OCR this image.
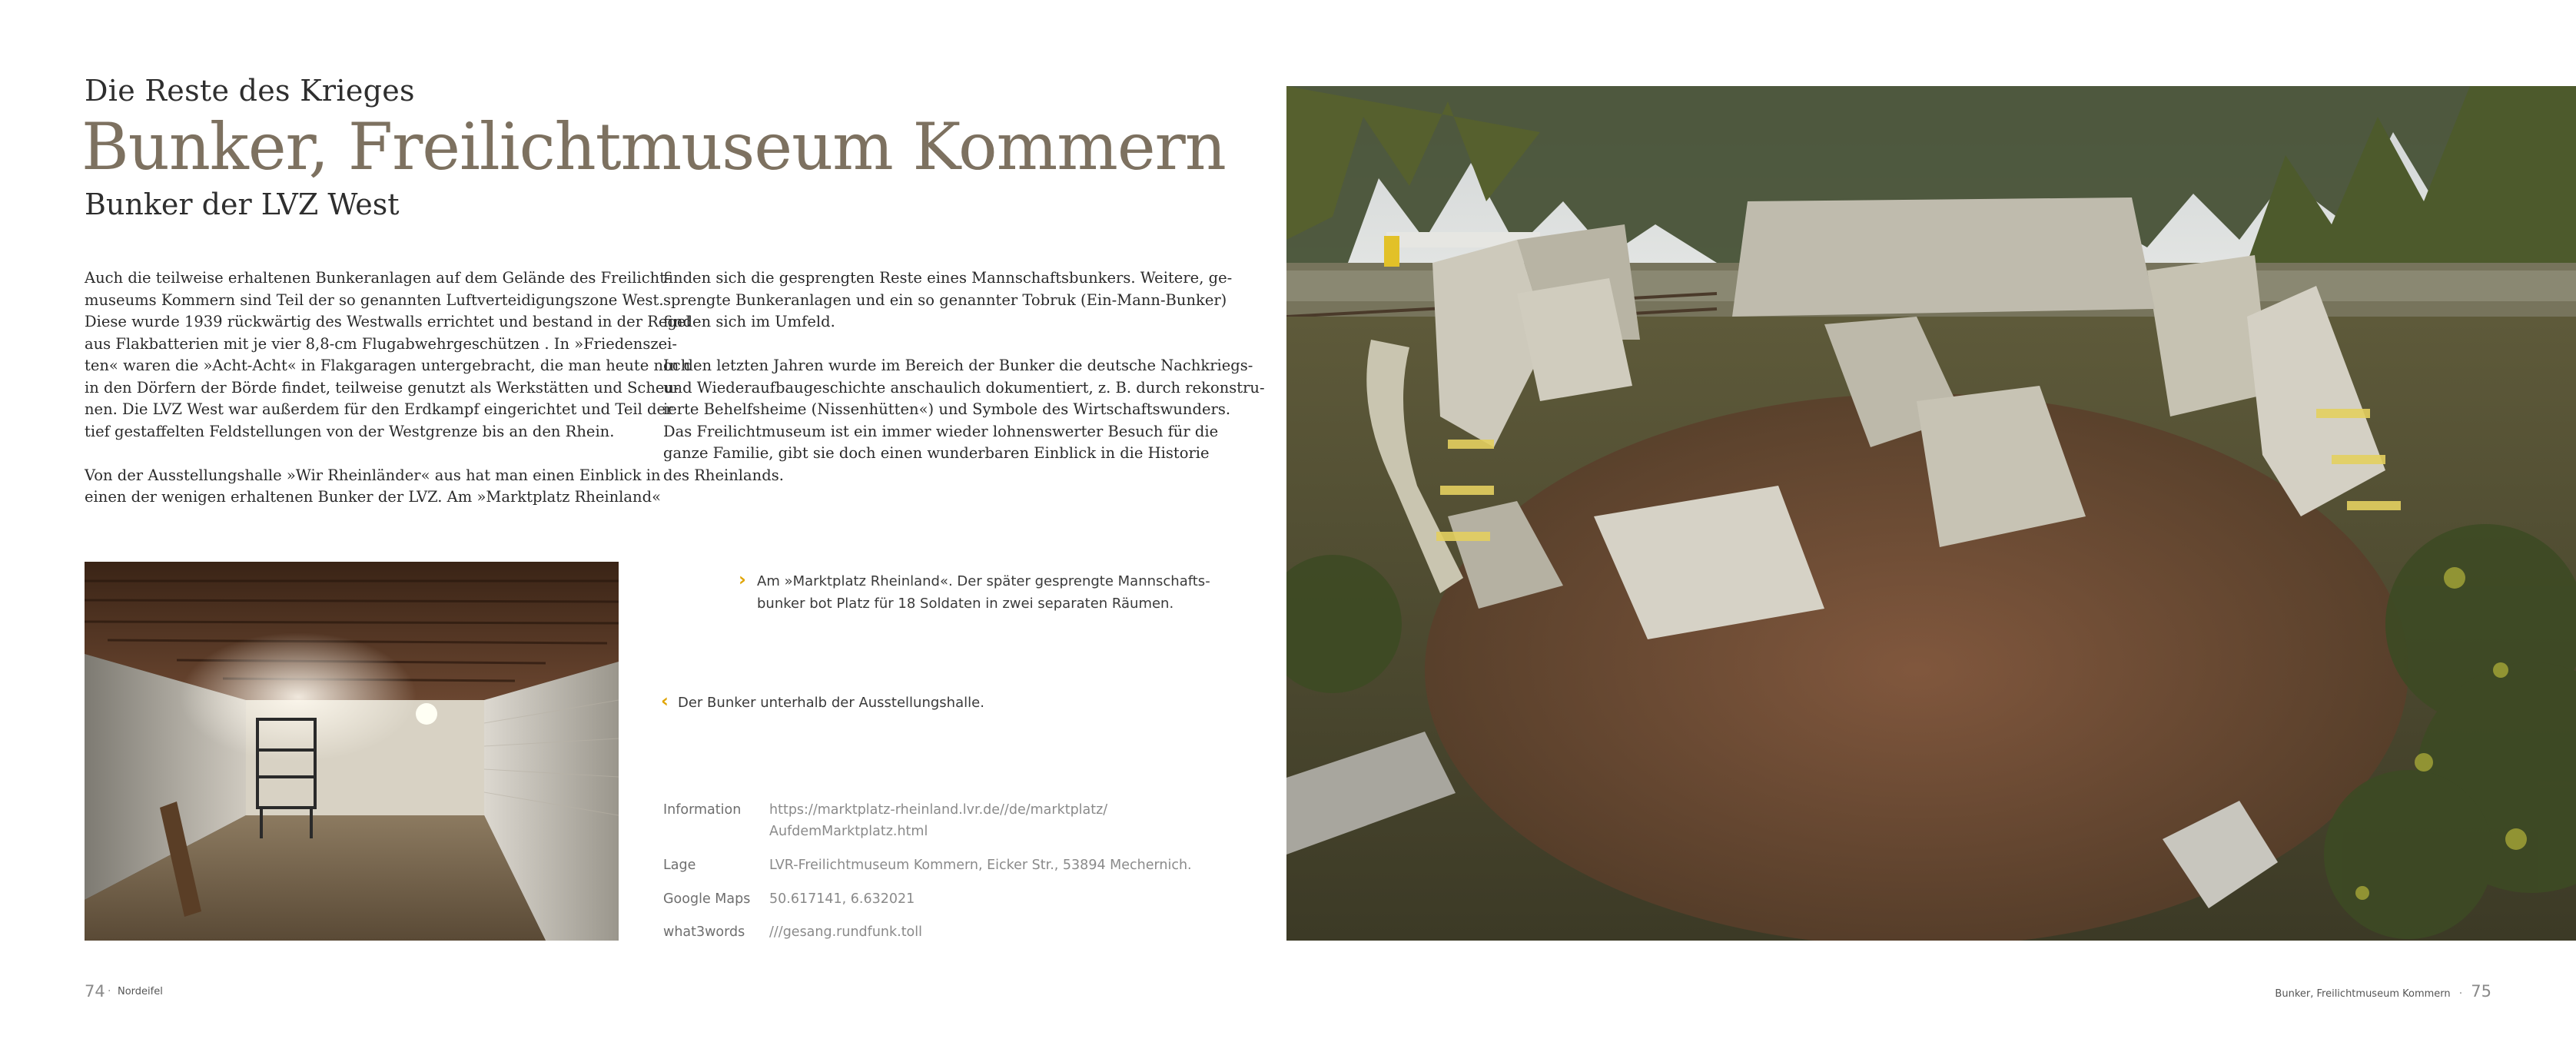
Die Reste des Krieges
Bunker, Freilichtmuseum Kommern
Bunker der LVZ West
Auch die teilweise erhaltenen Bunkeranlagen auf dem Gelände des Freilicht-
museums Kommern sind Teil der so genannten Luftverteidigungszone West.
Diese wurde 1939 rückwärtig des Westwalls errichtet und bestand in der Regel
aus Flakbatterien mit je vier 8,8-cm Flugabwehrgeschützen . In »Friedenszei-
ten« waren die »Acht-Acht« in Flakgaragen untergebracht, die man heute noch
in den Dörfern der Börde findet, teilweise genutzt als Werkstätten und Scheu-
nen. Die LVZ West war außerdem für den Erdkampf eingerichtet und Teil der
tief gestaffelten Feldstellungen von der Westgrenze bis an den Rhein.
Von der Ausstellungshalle »Wir Rheinländer« aus hat man einen Einblick in
einen der wenigen erhaltenen Bunker der LVZ. Am »Marktplatz Rheinland«
finden sich die gesprengten Reste eines Mannschaftsbunkers. Weitere, ge-
sprengte Bunkeranlagen und ein so genannter Tobruk (Ein-Mann-Bunker)
finden sich im Umfeld.
In den letzten Jahren wurde im Bereich der Bunker die deutsche Nachkriegs-
und Wiederaufbaugeschichte anschaulich dokumentiert, z. B. durch rekonstru-
ierte Behelfsheime (Nissenhütten«) und Symbole des Wirtschaftswunders.
Das Freilichtmuseum ist ein immer wieder lohnenswerter Besuch für die
ganze Familie, gibt sie doch einen wunderbaren Einblick in die Historie
des Rheinlands.
› Am »Marktplatz Rheinland«. Der später gesprengte Mannschafts-
bunker bot Platz für 18 Soldaten in zwei separaten Räumen.
‹ Der Bunker unterhalb der Ausstellungshalle.
Information	https://marktplatz-rheinland.lvr.de//de/marktplatz/
AufdemMarktplatz.html
Lage	LVR-Freilichtmuseum Kommern, Eicker Str., 53894 Mechernich.
Google Maps	50.617141, 6.632021
what3words	///gesang.rundfunk.toll
74 · Nordeifel	Bunker, Freilichtmuseum Kommern · 75
